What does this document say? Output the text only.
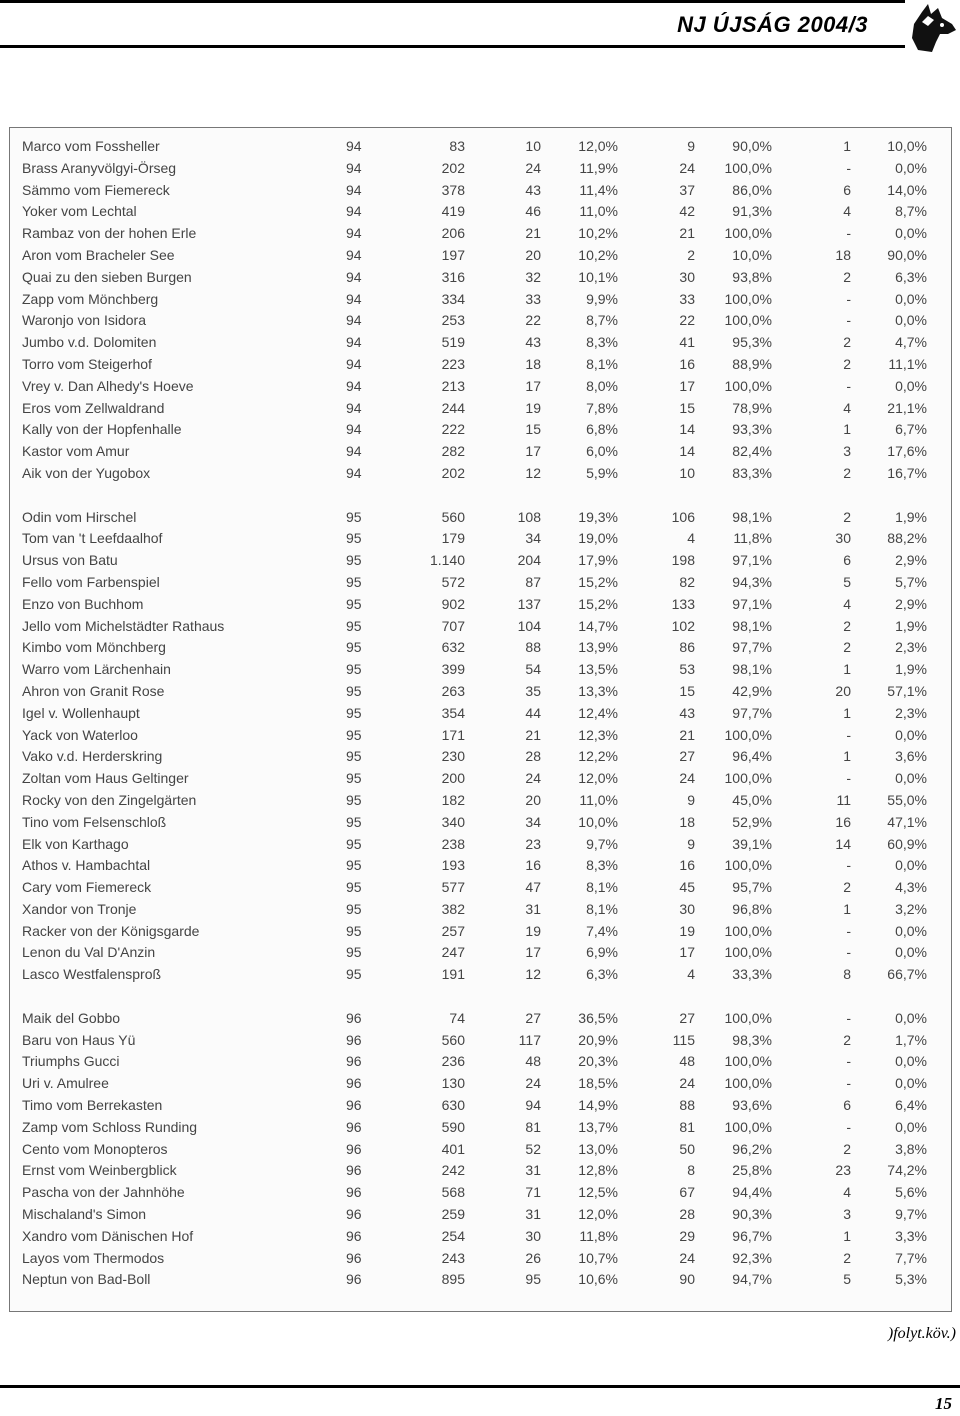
NJ ÚJSÁG 2004/3
Marco vom Fossheller	94	83	10	12,0%	9	90,0%	1	10,0%
Brass Aranyvölgyi-Örseg	94	202	24	11,9%	24 100,0%	-	0,0%
Sämmo vom Fiemereck	94	378	43	11,4%	37	86,0%	6	14,0%
Yoker vom Lechtal	94	419	46	11,0%	42	91,3%	4	8,7%
Rambaz von der hohen Erle	94	206	21	10,2%	21 100,0%	-	0,0%
Aron vom Bracheler See	94	197	20	10,2%	2	10,0%	18	90,0%
Quai zu den sieben Burgen	94	316	32	10,1%	30	93,8%	2	6,3%
Zapp vom Mönchberg	94	334	33	9,9%	33 100,0%	-	0,0%
Waronjo von Isidora	94	253	22	8,7%	22 100,0%	-	0,0%
Jumbo v.d. Dolomiten	94	519	43	8,3%	41	95,3%	2	4,7%
Torro vom Steigerhof	94	223	18	8,1%	16	88,9%	2	11,1%
Vrey v. Dan Alhedy's Hoeve	94	213	17	8,0%	17 100,0%	-	0,0%
Eros vom Zellwaldrand	94	244	19	7,8%	15	78,9%	4	21,1%
Kally von der Hopfenhalle	94	222	15	6,8%	14	93,3%	1	6,7%
Kastor vom Amur	94	282	17	6,0%	14	82,4%	3	17,6%
Aik von der Yugobox	94	202	12	5,9%	10	83,3%	2	16,7%
Odin vom Hirschel	95	560	108	19,3%	106	98,1%	2	1,9%
Tom van 't Leefdaalhof	95	179	34	19,0%	4	11,8%	30	88,2%
Ursus von Batu	95	1.140	204	17,9%	198	97,1%	6	2,9%
Fello vom Farbenspiel	95	572	87	15,2%	82	94,3%	5	5,7%
Enzo von Buchhom	95	902	137	15,2%	133	97,1%	4	2,9%
Jello vom Michelstädter Rathaus	95	707	104	14,7%	102	98,1%	2	1,9%
Kimbo vom Mönchberg	95	632	88	13,9%	86	97,7%	2	2,3%
Warro vom Lärchenhain	95	399	54	13,5%	53	98,1%	1	1,9%
Ahron von Granit Rose	95	263	35	13,3%	15	42,9%	20	57,1%
Igel v. Wollenhaupt	95	354	44	12,4%	43	97,7%	1	2,3%
Yack von Waterloo	95	171	21	12,3%	21 100,0%	-	0,0%
Vako v.d. Herderskring	95	230	28	12,2%	27	96,4%	1	3,6%
Zoltan vom Haus Geltinger	95	200	24	12,0%	24 100,0%	-	0,0%
Rocky von den Zingelgärten	95	182	20	11,0%	9	45,0%	11	55,0%
Tino vom Felsenschloß	95	340	34	10,0%	18	52,9%	16	47,1%
Elk von Karthago	95	238	23	9,7%	9	39,1%	14	60,9%
Athos v. Hambachtal	95	193	16	8,3%	16 100,0%	-	0,0%
Cary vom Fiemereck	95	577	47	8,1%	45	95,7%	2	4,3%
Xandor von Tronje	95	382	31	8,1%	30	96,8%	1	3,2%
Racker von der Königsgarde	95	257	19	7,4%	19 100,0%	-	0,0%
Lenon du Val D'Anzin	95	247	17	6,9%	17 100,0%	-	0,0%
Lasco Westfalensproß	95	191	12	6,3%	4	33,3%	8	66,7%
Maik del Gobbo	96	74	27	36,5%	27 100,0%	-	0,0%
Baru von Haus Yü	96	560	117	20,9%	115	98,3%	2	1,7%
Triumphs Gucci	96	236	48	20,3%	48 100,0%	-	0,0%
Uri v. Amulree	96	130	24	18,5%	24 100,0%	-	0,0%
Timo vom Berrekasten	96	630	94	14,9%	88	93,6%	6	6,4%
Zamp vom Schloss Runding	96	590	81	13,7%	81 100,0%	-	0,0%
Cento vom Monopteros	96	401	52	13,0%	50	96,2%	2	3,8%
Ernst vom Weinbergblick	96	242	31	12,8%	8	25,8%	23	74,2%
Pascha von der Jahnhöhe	96	568	71	12,5%	67	94,4%	4	5,6%
Mischaland's Simon	96	259	31	12,0%	28	90,3%	3	9,7%
Xandro vom Dänischen Hof	96	254	30	11,8%	29	96,7%	1	3,3%
Layos vom Thermodos	96	243	26	10,7%	24	92,3%	2	7,7%
Neptun von Bad-Boll	96	895	95	10,6%	90	94,7%	5	5,3%
)folyt.köv.)
15
